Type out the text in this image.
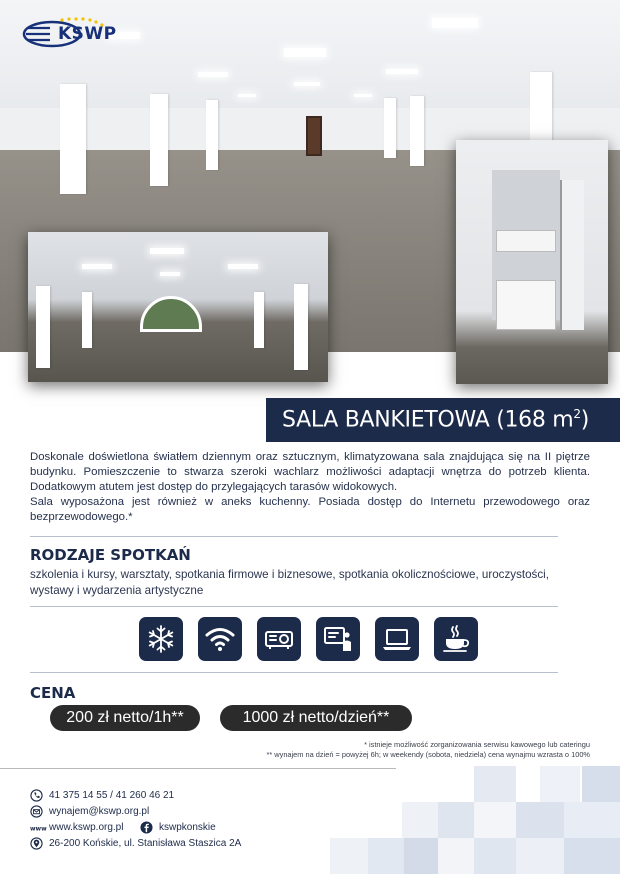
KSWP
SALA BANKIETOWA (168 $m^2$)

Doskonale doświetlona światłem dziennym oraz sztucznym, klimatyzowana sala znajdująca się na II piętrze budynku. Pomieszczenie to stwarza szeroki wachlarz możliwości adaptacji wnętrza do potrzeb klienta. Dodatkowym atutem jest dostęp do przylegających tarasów widokowych.

Sala wyposażona jest również w aneks kuchenny. Posiada dostęp do Internetu przewodowego oraz bezprzewodowego.*

RODZAJE SPOTKAŃ
szkolenia i kursy, warsztaty, spotkania firmowe i biznesowe, spotkania okolicznościowe, uroczystości, wystawy i wydarzenia artystyczne
CENA
200 zł netto/1h**	1000 zł netto/dzień**
* istnieje możliwość zorganizowania serwisu kawowego lub cateringu
** wynajem na dzień = powyżej 6h; w weekendy (sobota, niedziela) cena wynajmu wzrasta o 100%
41 375 14 55 / 41 260 46 21
wynajem@kswp.org.pl
www www.kswp.org.pl	kswpkonskie
26-200 Końskie, ul. Stanisława Staszica 2A
